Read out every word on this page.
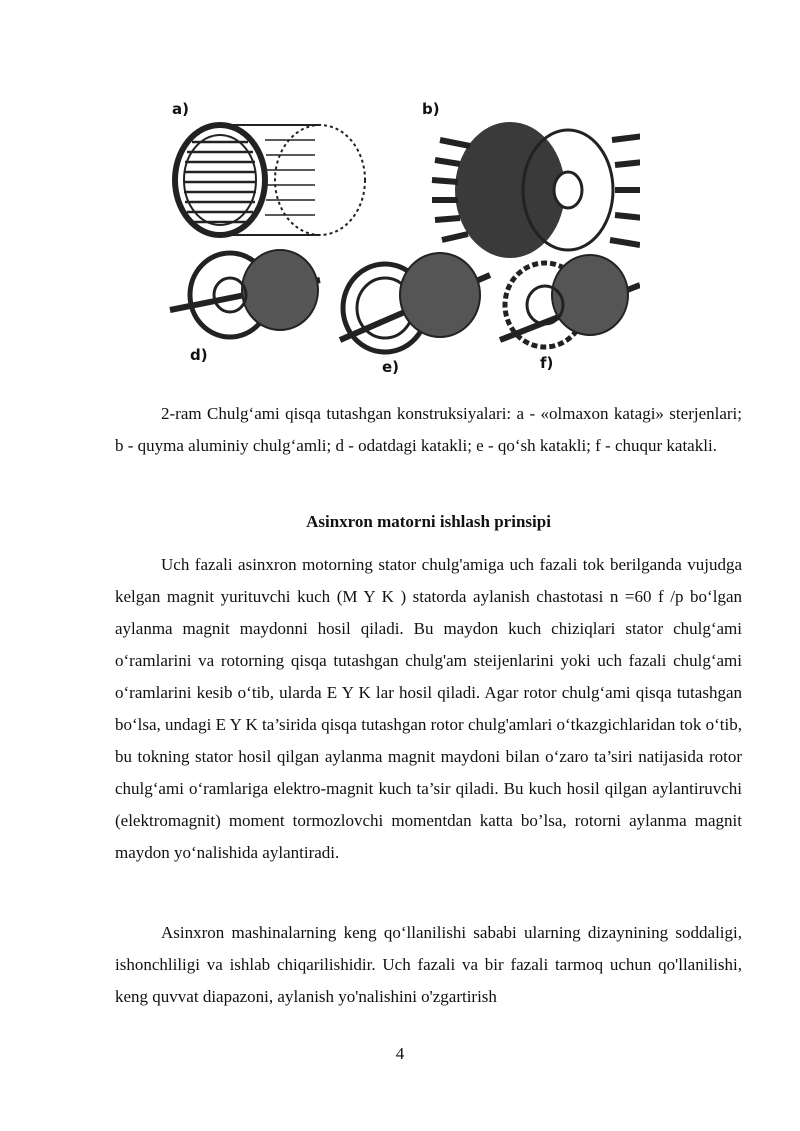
a)	b)
d)
e)	f)

2-ram Chulg‘ami qisqa tutashgan konstruksiyalari: a - «olmaxon katagi» sterjenlari; b - quyma aluminiy chulg‘amli; d - odatdagi katakli; e - qo‘sh katakli; f - chuqur katakli.

Asinxron matorni ishlash prinsipi

Uch fazali asinxron motorning stator chulg'amiga uch fazali tok berilganda vujudga kelgan magnit yurituvchi kuch (M Y K ) statorda aylanish chastotasi n =60 f /p bo‘lgan aylanma magnit maydonni hosil qiladi. Bu maydon kuch chiziqlari stator chulg‘ami o‘ramlarini va rotorning qisqa tutashgan chulg'am steijenlarini yoki uch fazali chulg‘ami o‘ramlarini kesib o‘tib, ularda E Y K lar hosil qiladi. Agar rotor chulg‘ami qisqa tutashgan bo‘lsa, undagi E Y K ta’sirida qisqa tutashgan rotor chulg'amlari o‘tkazgichlaridan tok o‘tib, bu tokning stator hosil qilgan aylanma magnit maydoni bilan o‘zaro ta’siri natijasida rotor chulg‘ami o‘ramlariga elektro-magnit kuch ta’sir qiladi. Bu kuch hosil qilgan aylantiruvchi (elektromagnit) moment tormozlovchi momentdan katta bo’lsa, rotorni aylanma magnit maydon yo‘nalishida aylantiradi.

Asinxron mashinalarning keng qo‘llanilishi sababi ularning dizaynining soddaligi, ishonchliligi va ishlab chiqarilishidir. Uch fazali va bir fazali tarmoq uchun qo'llanilishi, keng quvvat diapazoni, aylanish yo'nalishini o'zgartirish

4
